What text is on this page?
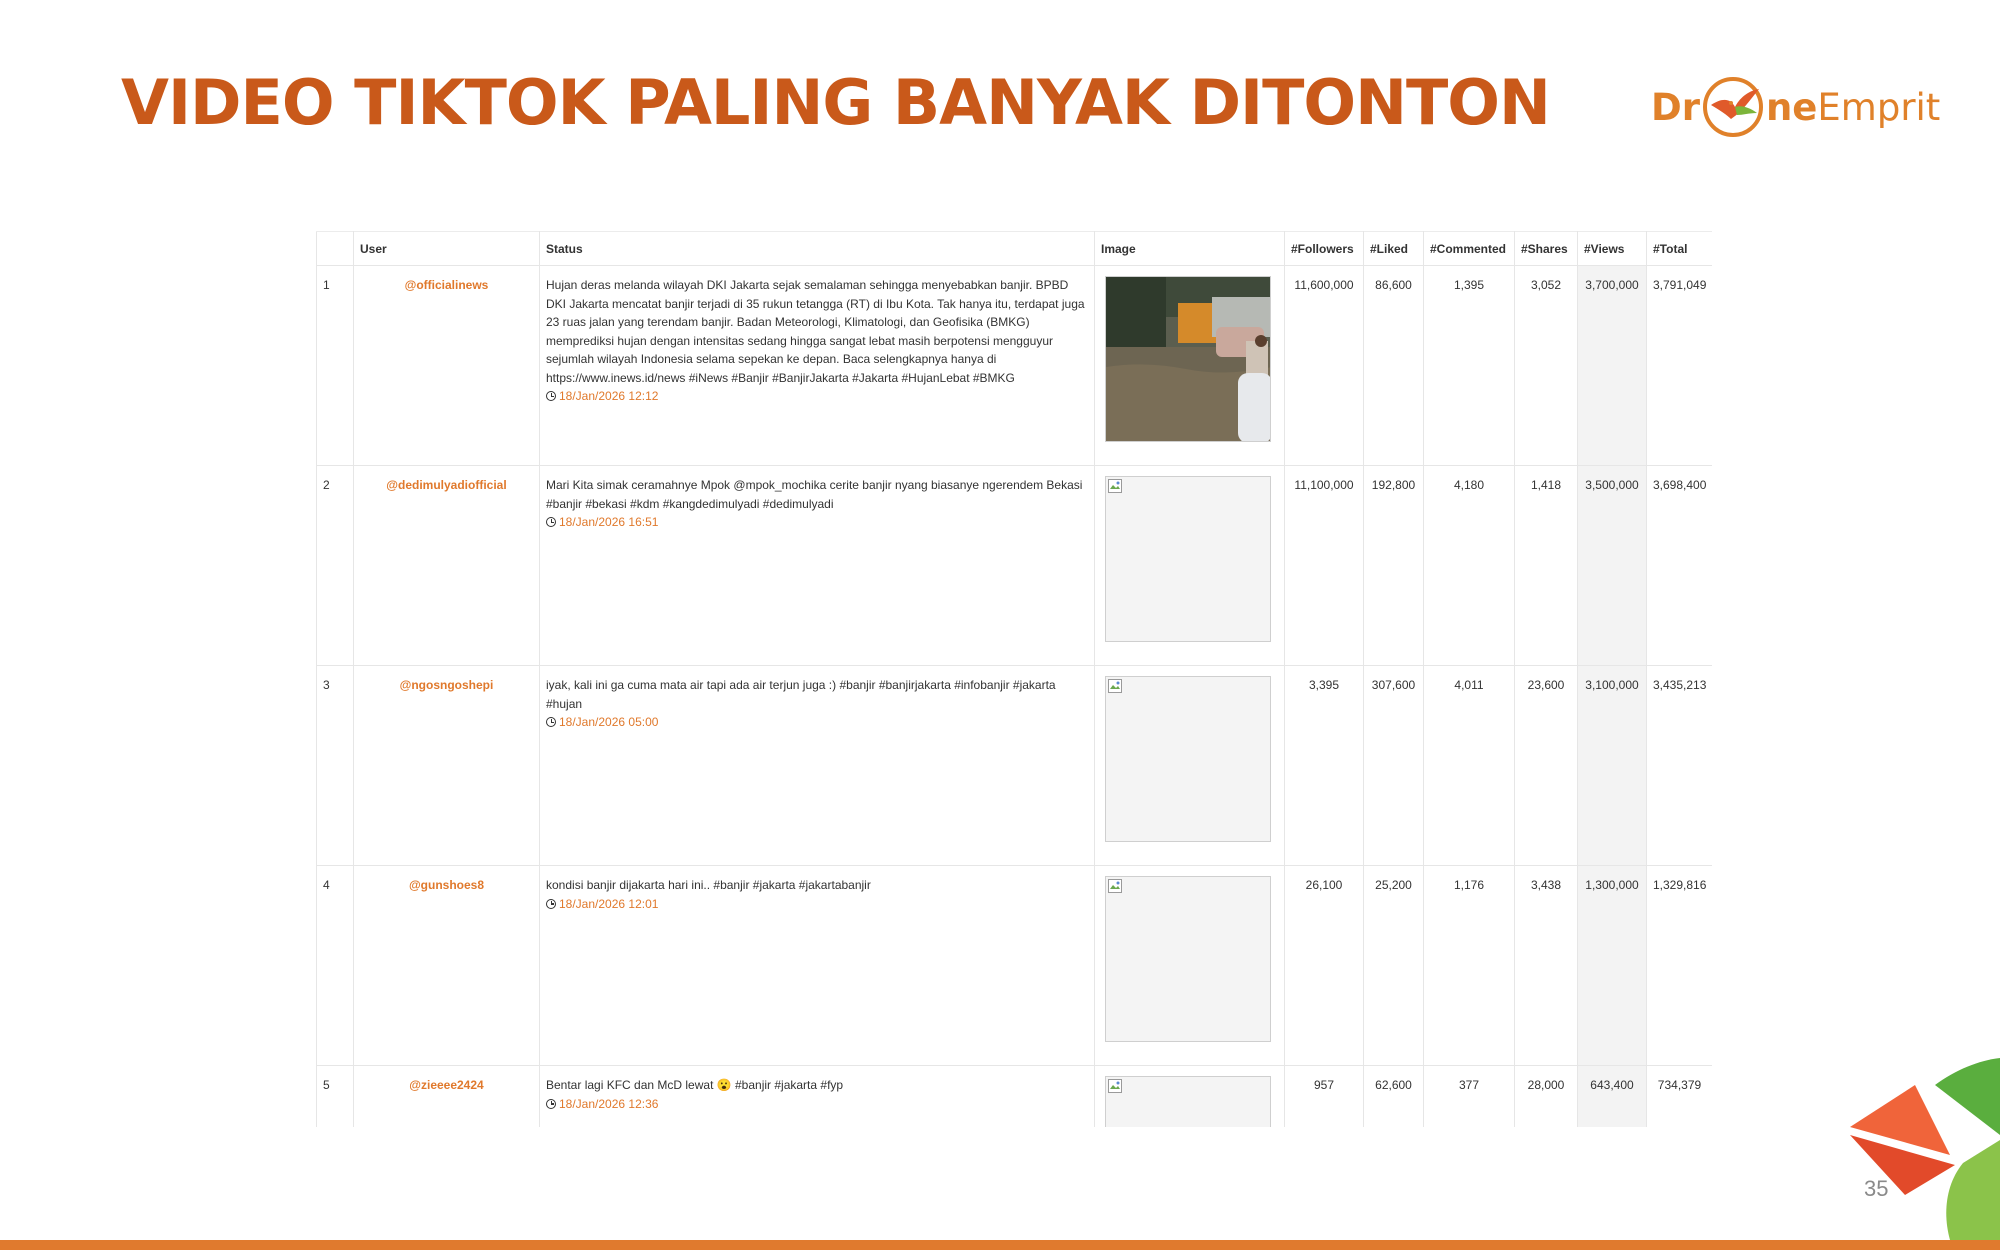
VIDEO TIKTOK PALING BANYAK DITONTON	Dr ne Emprit
	User	Status	Image	#Followers	#Liked	#Commented	#Shares	#Views	#Total
1	@officialinews	Hujan deras melanda wilayah DKI Jakarta sejak semalaman sehingga menyebabkan banjir. BPBD DKI Jakarta mencatat banjir terjadi di 35 rukun tetangga (RT) di Ibu Kota. Tak hanya itu, terdapat juga 23 ruas jalan yang terendam banjir. Badan Meteorologi, Klimatologi, dan Geofisika (BMKG) memprediksi hujan dengan intensitas sedang hingga sangat lebat masih berpotensi mengguyur sejumlah wilayah Indonesia selama sepekan ke depan. Baca selengkapnya hanya di https://www.inews.id/news #iNews #Banjir #BanjirJakarta #Jakarta #HujanLebat #BMKG
18/Jan/2026 12:12		11,600,000	86,600	1,395	3,052	3,700,000	3,791,049
2	@dedimulyadiofficial	Mari Kita simak ceramahnye Mpok @mpok_mochika cerite banjir nyang biasanye ngerendem Bekasi #banjir #bekasi #kdm #kangdedimulyadi #dedimulyadi
18/Jan/2026 16:51		11,100,000	192,800	4,180	1,418	3,500,000	3,698,400
3	@ngosngoshepi	iyak, kali ini ga cuma mata air tapi ada air terjun juga :) #banjir #banjirjakarta #infobanjir #jakarta #hujan
18/Jan/2026 05:00		3,395	307,600	4,011	23,600	3,100,000	3,435,213
4	@gunshoes8	kondisi banjir dijakarta hari ini.. #banjir #jakarta #jakartabanjir
18/Jan/2026 12:01		26,100	25,200	1,176	3,438	1,300,000	1,329,816
5	@zieeee2424	Bentar lagi KFC dan McD lewat 😮 #banjir #jakarta #fyp
18/Jan/2026 12:36		957	62,600	377	28,000	643,400	734,379
35
